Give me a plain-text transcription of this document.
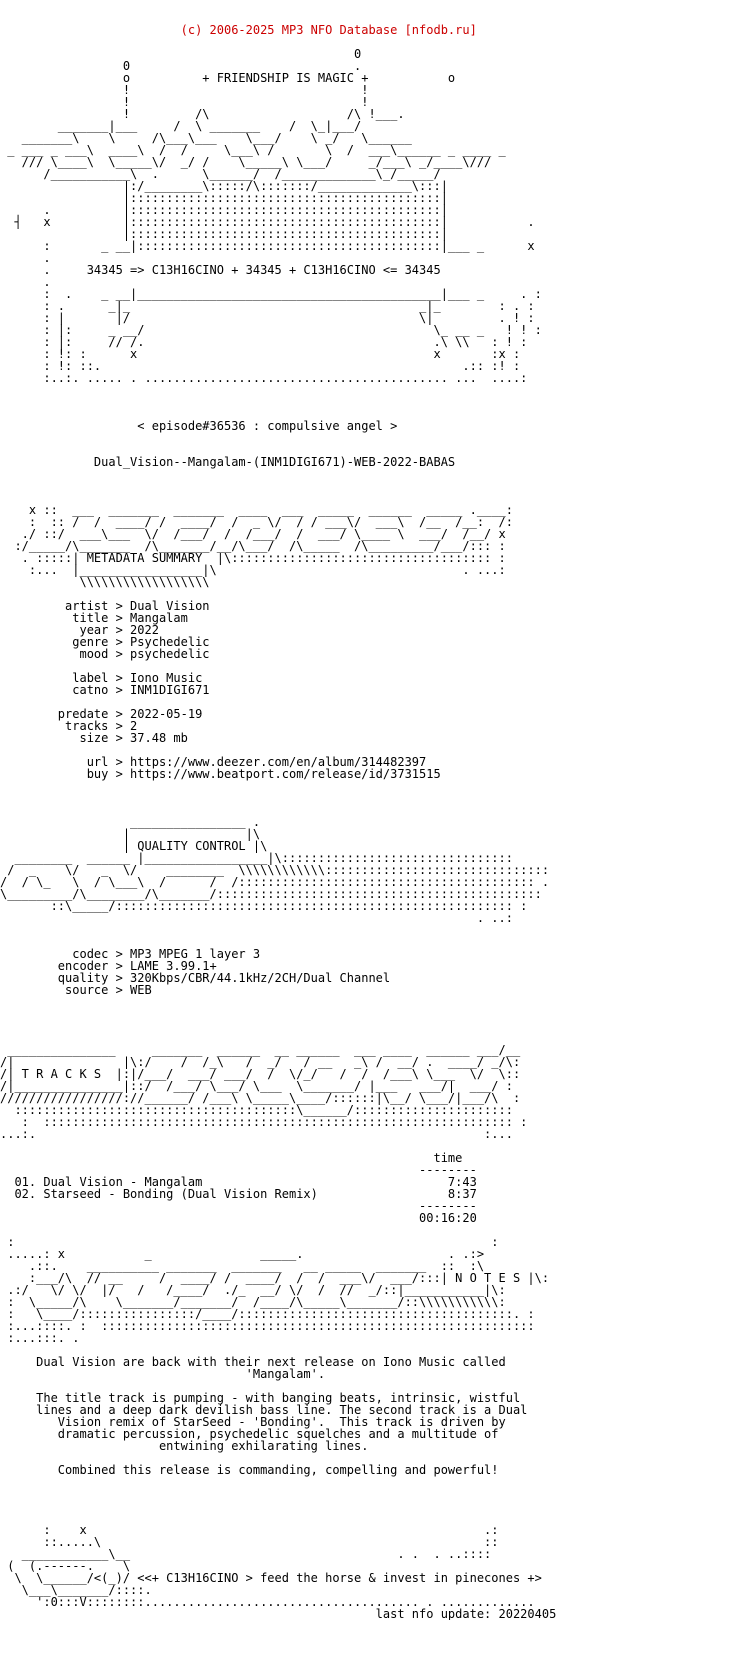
(c) 2006-2025 MP3 NFO Database [nfodb.ru]

0
0                               .
o          + FRIENDSHIP IS MAGIC +           o
!                                !
!                                !
!         /\                   /\ !___.
_______|___     /  \ _______    /  \_|___/
_______\    \     /\___\___    \___/    \ _/   \______
_ ___ _ ___\  ____\  /  /     \___\ /       \  /  ___\______ _ ____ _
/// \____\  \_____\/  _/ /    \_____\ \___/     _/___\ _/____\///
/___________\  .      \______/  /_____________\_/_____/
|:/________\:::::/\:::::::/_____________\:::|
|:::::::::::::::::::::::::::::::::::::::::::|
.          |:::::::::::::::::::::::::::::::::::::::::::|
┤   x          |:::::::::::::::::::::::::::::::::::::::::::|           .
|:::::::::::::::::::::::::::::::::::::::::::|
:       _ __|::::::::::::::::::::::::::::::::::::::::::|___ _      x
.
.     34345 => C13H16CINO + 34345 + C13H16CINO <= 34345
.
:  .    _ __|__________________________________________|___ _     . :
: .      _|_                                        _|_        : . :
: |       |/                                        \|         . ! :
: |:     _ __/                                        \_ __ _   ! ! :
: |:     // /.                                        .\ \\   : ! :
: !: :      x                                         x       :x :
: !: ::.                                                  .:: :! :
:..:. ..... . .......................................... ...  ....:
< episode#36536 : compulsive angel >
Dual_Vision--Mangalam-(INM1DIGI671)-WEB-2022-BABAS
x ::  ___  _______  _______  ____  ___  _____  ______  _____ .____:
:  :: /  /  ____/ /  ____/  /  _ \/  / / ___\/  ___\  /__  /__:  /:
./ ::/  ___\___  \/  /___/  /  /___/  /  ___/ \____ \  ___/  /__/ x
:/_____/\_______  /\_______/__/\___/  /\_____  /\_________/___/::: :
. :::::| METADATA SUMMARY  |\:::::::::::::::::::::::::::::::::::: :
:...  |_________________|\                                  . ...:
\\\\\\\\\\\\\\\\\\
artist > Dual Vision
title > Mangalam
year > 2022
genre > Psychedelic
mood > psychedelic
label > Iono Music
catno > INM1DIGI671
predate > 2022-05-19
tracks > 2
size > 37.48 mb
url > https://www.deezer.com/en/album/314482397
buy > https://www.beatport.com/release/id/3731515
________________ .
|                |\
| QUALITY CONTROL |\
________  ______ |_________________|\::::::::::::::::::::::::::::::::
/  _    \/   _  \/    ________  \\\\\\\\\\\\:::::::::::::::::::::::::::::::
/  / \_   \  / \___\  /      /  /::::::::::::::::::::::::::::::::::::::::: .
\_________/\________/\_______/:::::::::::::::::::::::::::::::::::::::::::::
::\_____/::::::::::::::::::::::::::::::::::::::::::::::::::::::: :
. ..:
codec > MP3 MPEG 1 layer 3
encoder > LAME 3.99.1+
quality > 320Kbps/CBR/44.1kHz/2CH/Dual Channel
source > WEB
_______________     _______  ______  __ ______  ___ ____  ______ ___/__
/|               |\:/    /  /_\   /  _/   / __   _\ /  __/ .  ____/ _/\:
/| T R A C K S  |:|/___/  ___/ ___/  /  \/_/   /  /  /___\ \___  \/  \::
/|_______________|::/  /___/ \___/ \___  \_______/ |___   ___/|  ___/ :
/////////////////://______/ /___\ \_____\____/::::::|\__/ \___/|___/\  :
:::::::::::::::::::::::::::::::::::::::\______/::::::::::::::::::::::
:  ::::::::::::::::::::::::::::::::::::::::::::::::::::::::::::::::: :
...:.                                                              :...
time
--------
01. Dual Vision - Mangalam                                  7:43
02. Starseed - Bonding (Dual Vision Remix)                  8:37
--------
00:16:20
:                                                                  :
.....: x           _               _____.                    . .:>
.::.    __________ _______  _______   __ _____  _______  ::  :\
:___/\  // __     /  ____/ /  ____/  /  /  ___\/  ___/:::| N O T E S |\:
.:/   \/ \/  |/   /   /____/  ./_  __/ \/  /  //  _/::|___________|\:
:  \_____/\    \_______/_______/  /____/\_____\_______/::\\\\\\\\\\\:
:   \____/::::::::::::::::/____/::::::::::::::::::::::::::::::::::::::. :
:...::::. :  ::::::::::::::::::::::::::::::::::::::::::::::::::::::::::::
:...:::. .
Dual Vision are back with their next release on Iono Music called
'Mangalam'.
The title track is pumping - with banging beats, intrinsic, wistful
lines and a deep dark devilish bass line. The second track is a Dual
Vision remix of StarSeed - 'Bonding'.  This track is driven by
dramatic percussion, psychedelic squelches and a multitude of
entwining exhilarating lines.
Combined this release is commanding, compelling and powerful!
:    x                                                       .:
::.....\                                                     ::
____________\__                                     . .  . ..::::
(  (.------.    \
\  \______/<(_)/ <<+ C13H16CINO > feed the horse & invest in pinecones +>
\___\_______/::::.
':0:::V::::::::...................................... . .............
last nfo update: 20220405
